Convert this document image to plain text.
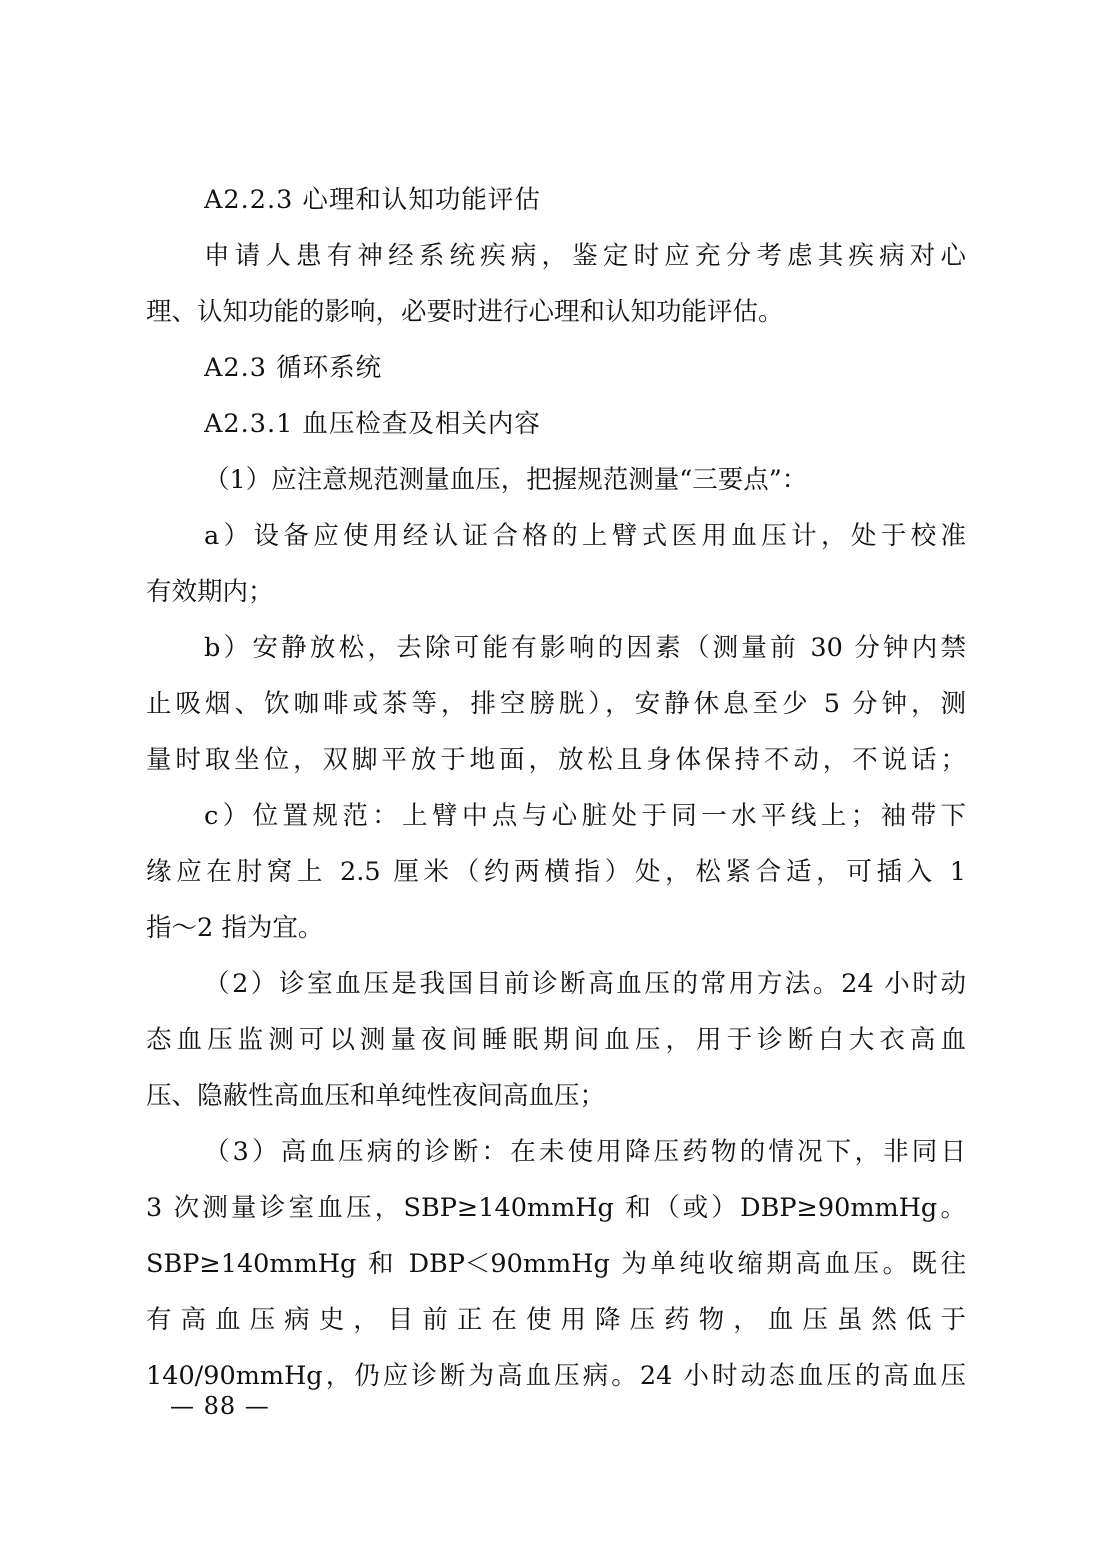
A2.2.3 心理和认知功能评估
申请人患有神经系统疾病，鉴定时应充分考虑其疾病对心
理、认知功能的影响，必要时进行心理和认知功能评估。
A2.3 循环系统
A2.3.1 血压检查及相关内容
（1）应注意规范测量血压，把握规范测量“三要点”：
a）设备应使用经认证合格的上臂式医用血压计，处于校准
有效期内；
b）安静放松，去除可能有影响的因素（测量前 30 分钟内禁
止吸烟、饮咖啡或茶等，排空膀胱），安静休息至少 5 分钟，测
量时取坐位，双脚平放于地面，放松且身体保持不动，不说话；
c）位置规范：上臂中点与心脏处于同一水平线上；袖带下
缘应在肘窝上 2.5 厘米（约两横指）处，松紧合适，可插入 1
指～2 指为宜。
（2）诊室血压是我国目前诊断高血压的常用方法。24 小时动
态血压监测可以测量夜间睡眠期间血压，用于诊断白大衣高血
压、隐蔽性高血压和单纯性夜间高血压；
（3）高血压病的诊断：在未使用降压药物的情况下，非同日
3 次测量诊室血压，SBP≥140mmHg 和（或）DBP≥90mmHg。
SBP≥140mmHg 和 DBP＜90mmHg 为单纯收缩期高血压。既往
有高血压病史，目前正在使用降压药物，血压虽然低于
140/90mmHg，仍应诊断为高血压病。24 小时动态血压的高血压
— 88 —
